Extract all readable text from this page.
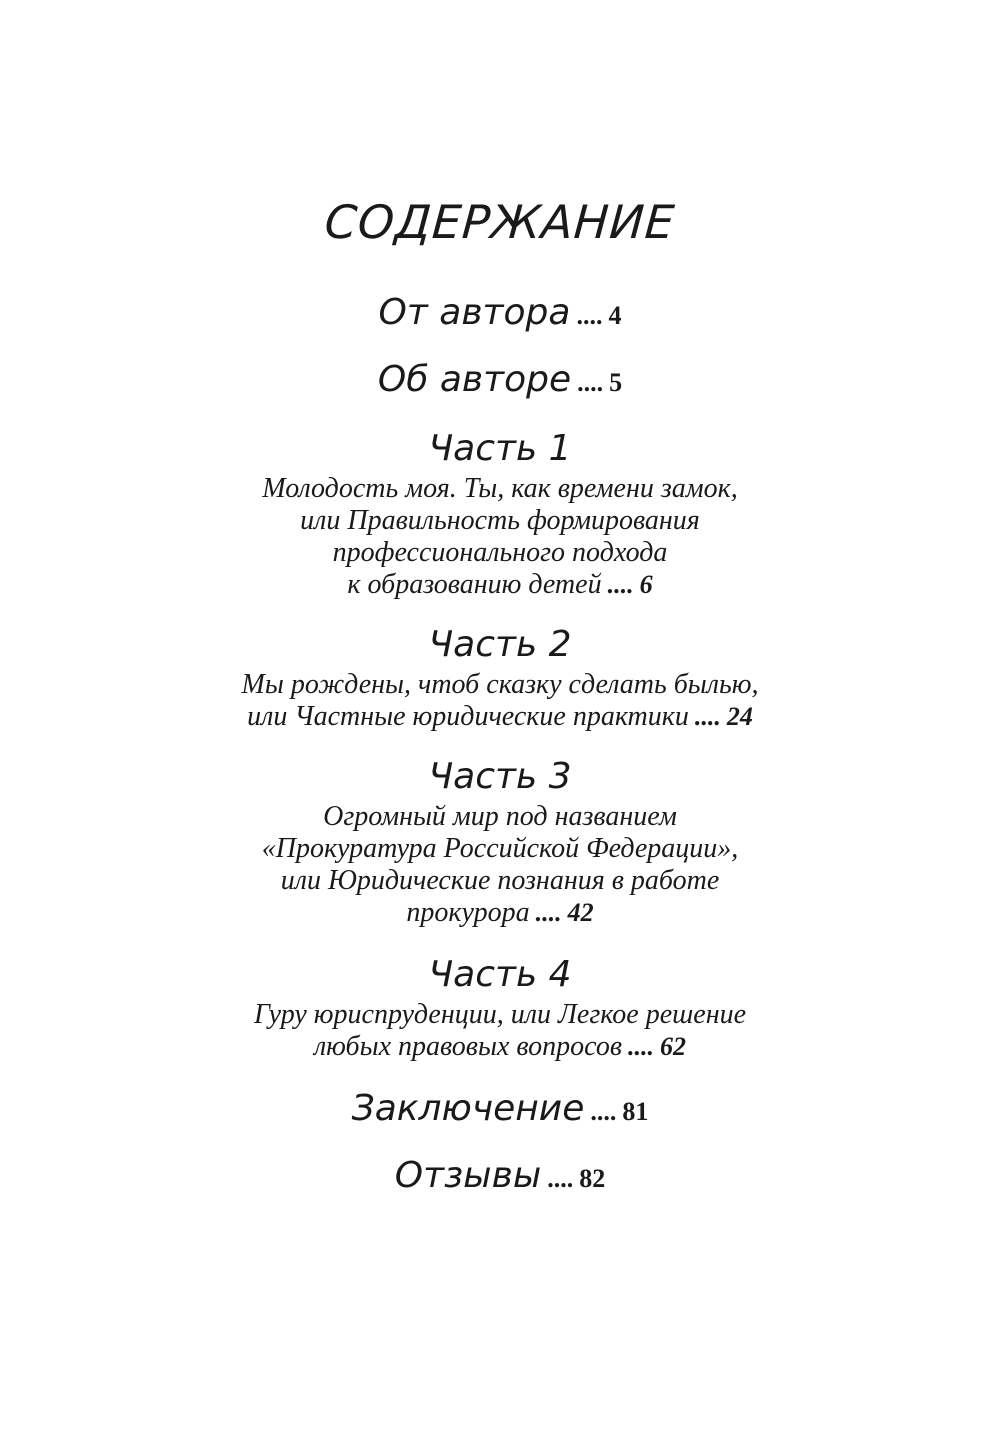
СОДЕРЖАНИЕ
От автора .... 4
Об авторе .... 5
Часть 1
Молодость моя. Ты, как времени замок,
или Правильность формирования
профессионального подхода
к образованию детей .... 6
Часть 2
Мы рождены, чтоб сказку сделать былью,
или Частные юридические практики .... 24
Часть 3
Огромный мир под названием
«Прокуратура Российской Федерации»,
или Юридические познания в работе
прокурора .... 42
Часть 4
Гуру юриспруденции, или Легкое решение
любых правовых вопросов .... 62
Заключение .... 81
Отзывы .... 82
